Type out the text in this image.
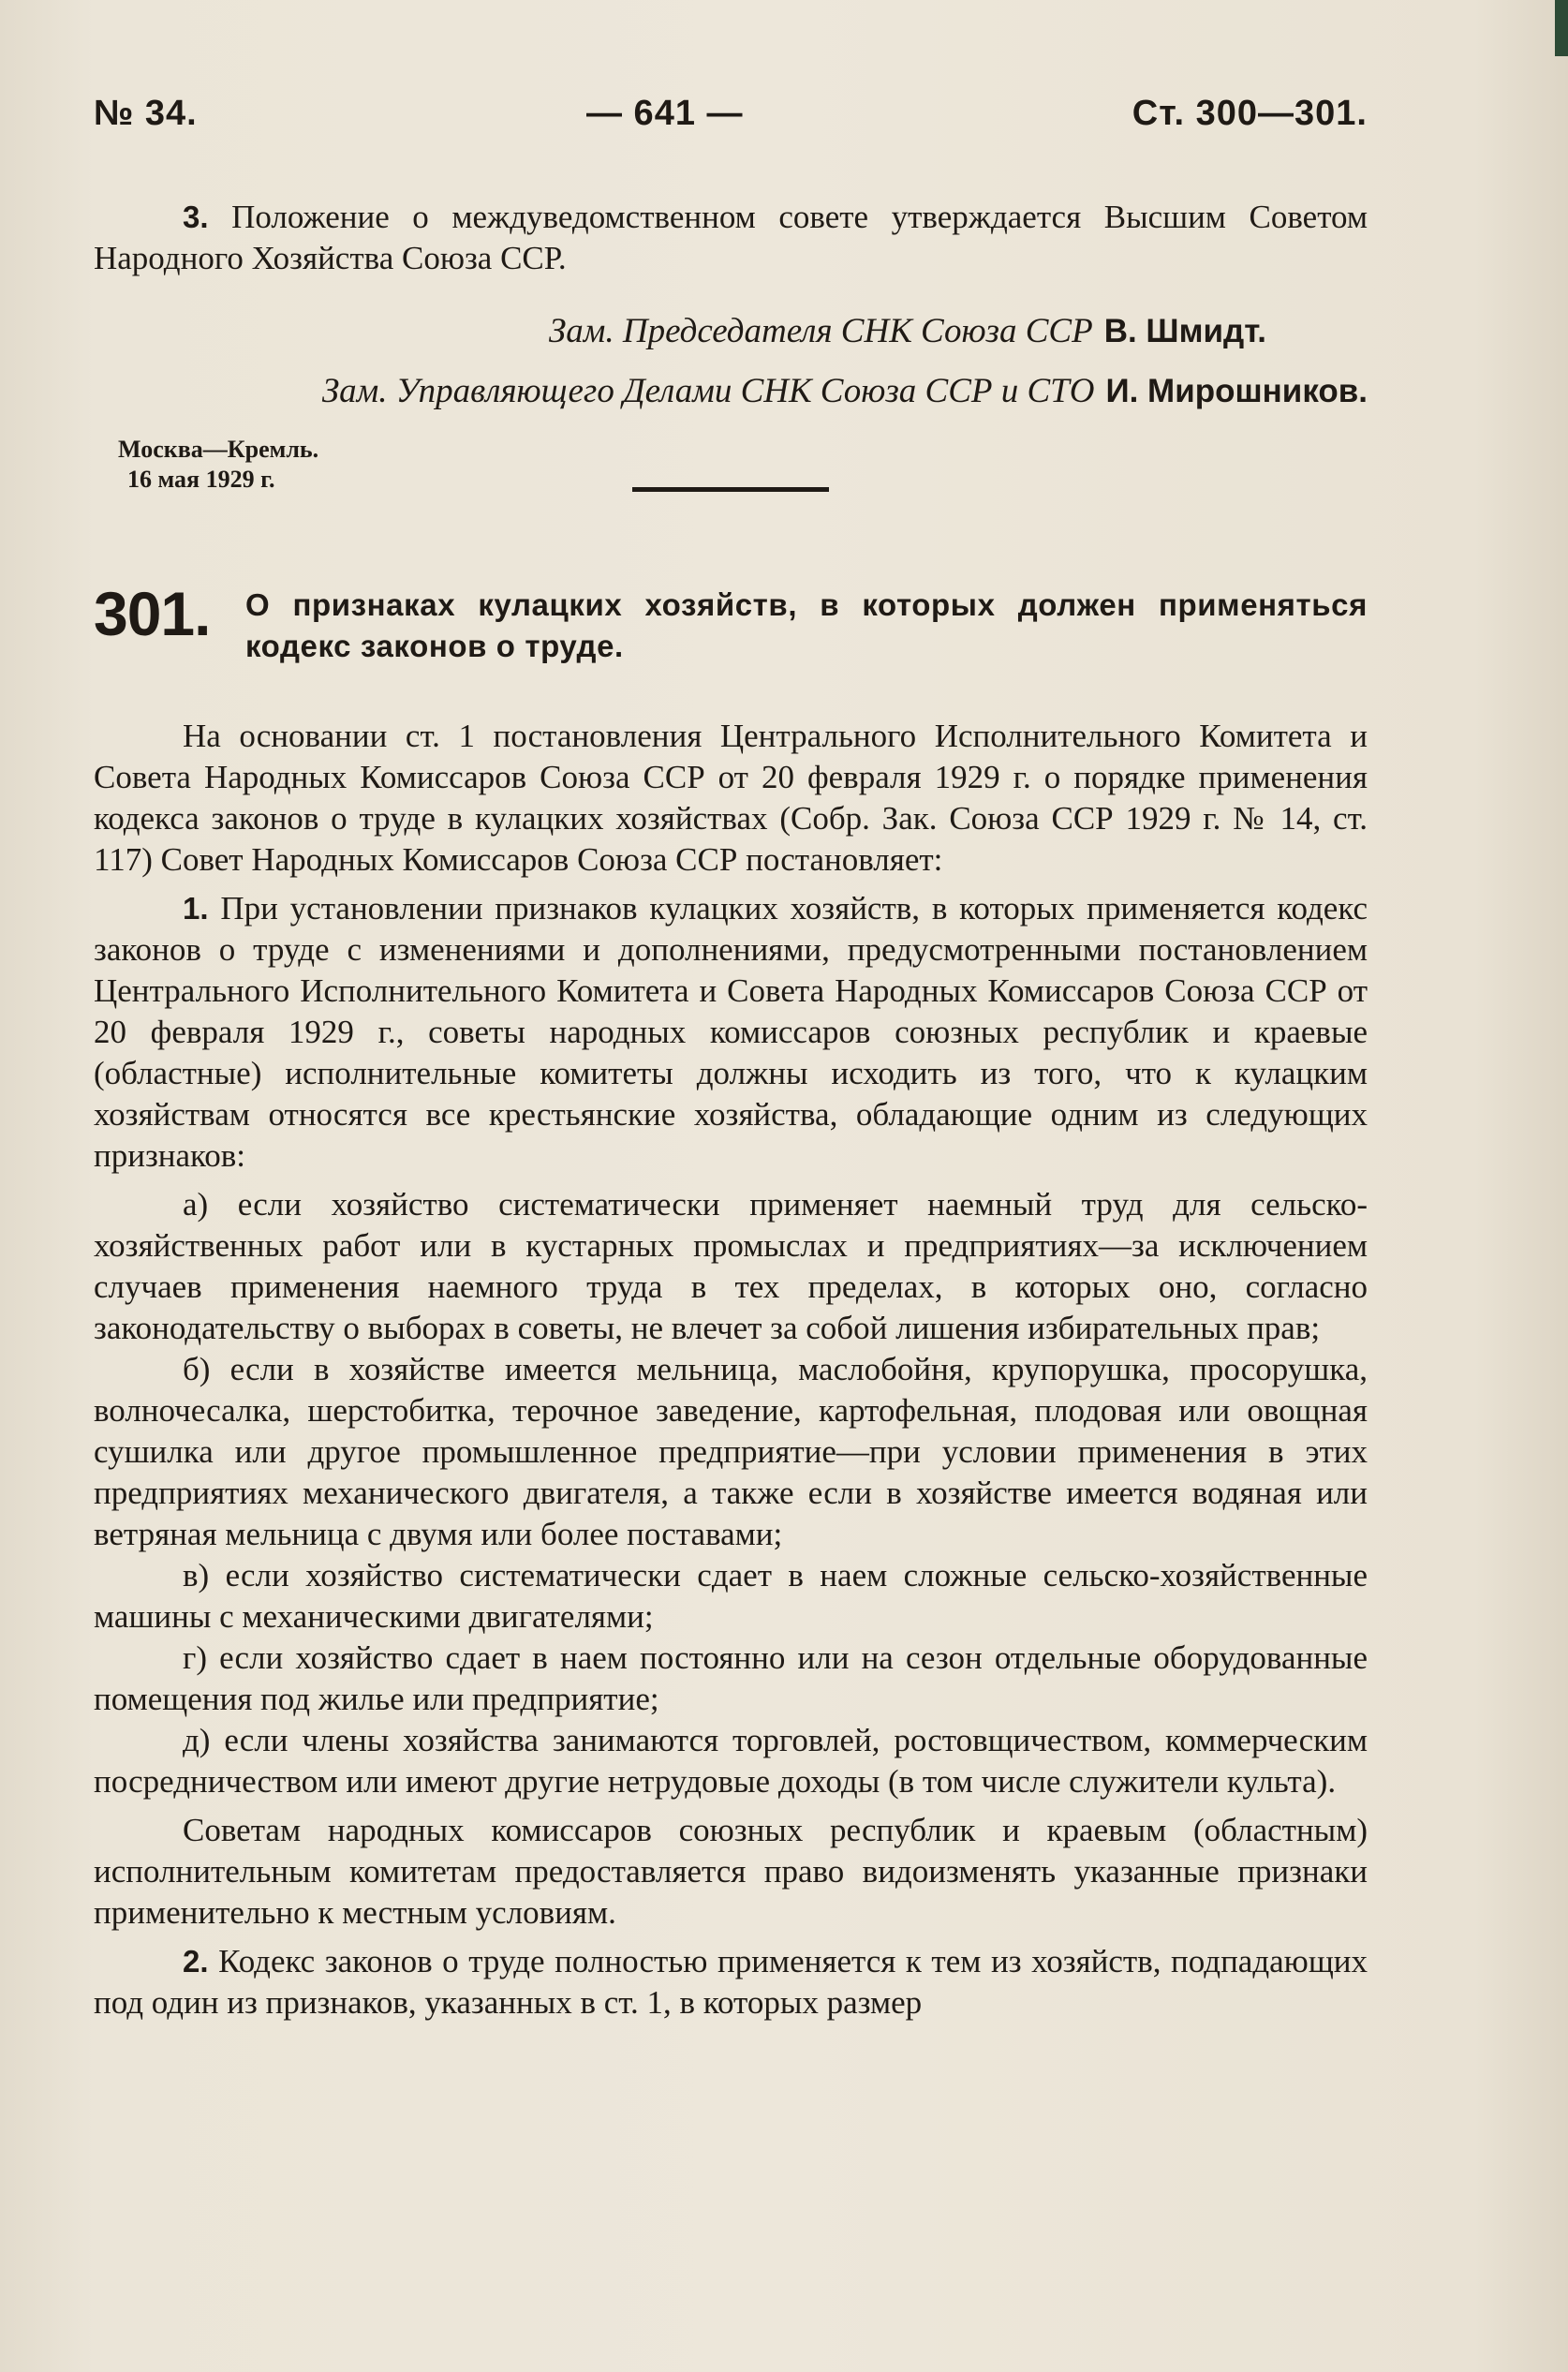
№ 34.	— 641 —	Ст. 300—301.

3. Положение о междуведомственном совете утверждается Высшим Советом Народного Хозяйства Союза ССР.

Зам. Председателя СНК Союза ССР В. Шмидт.

Зам. Управляющего Делами СНК Союза ССР и СТО И. Мирошников.

Москва—Кремль.

16 мая 1929 г.

301.	О признаках кулацких хозяйств, в которых должен применяться кодекс законов о труде.

На основании ст. 1 постановления Центрального Исполнительного Комитета и Совета Народных Комиссаров Союза ССР от 20 февраля 1929 г. о порядке применения кодекса законов о труде в кулацких хозяйствах (Собр. Зак. Союза ССР 1929 г. № 14, ст. 117) Совет Народных Комиссаров Союза ССР постановляет:

1. При установлении признаков кулацких хозяйств, в которых применяется кодекс законов о труде с изменениями и дополнениями, предусмотренными постановлением Центрального Исполнительного Комитета и Совета Народных Комиссаров Союза ССР от 20 февраля 1929 г., советы народных комиссаров союзных республик и краевые (областные) исполнительные комитеты должны исходить из того, что к кулацким хозяйствам относятся все крестьянские хозяйства, обладающие одним из следующих признаков:

а) если хозяйство систематически применяет наемный труд для сельско-хозяйственных работ или в кустарных промыслах и предприятиях—за исключением случаев применения наемного труда в тех пределах, в которых оно, согласно законодательству о выборах в советы, не влечет за собой лишения избирательных прав;

б) если в хозяйстве имеется мельница, маслобойня, крупорушка, просорушка, волночесалка, шерстобитка, терочное заведение, картофельная, плодовая или овощная сушилка или другое промышленное предприятие—при условии применения в этих предприятиях механического двигателя, а также если в хозяйстве имеется водяная или ветряная мельница с двумя или более поставами;

в) если хозяйство систематически сдает в наем сложные сельско-хозяйственные машины с механическими двигателями;

г) если хозяйство сдает в наем постоянно или на сезон отдельные оборудованные помещения под жилье или предприятие;

д) если члены хозяйства занимаются торговлей, ростовщичеством, коммерческим посредничеством или имеют другие нетрудовые доходы (в том числе служители культа).

Советам народных комиссаров союзных республик и краевым (областным) исполнительным комитетам предоставляется право видоизменять указанные признаки применительно к местным условиям.

2. Кодекс законов о труде полностью применяется к тем из хозяйств, подпадающих под один из признаков, указанных в ст. 1, в которых размер
